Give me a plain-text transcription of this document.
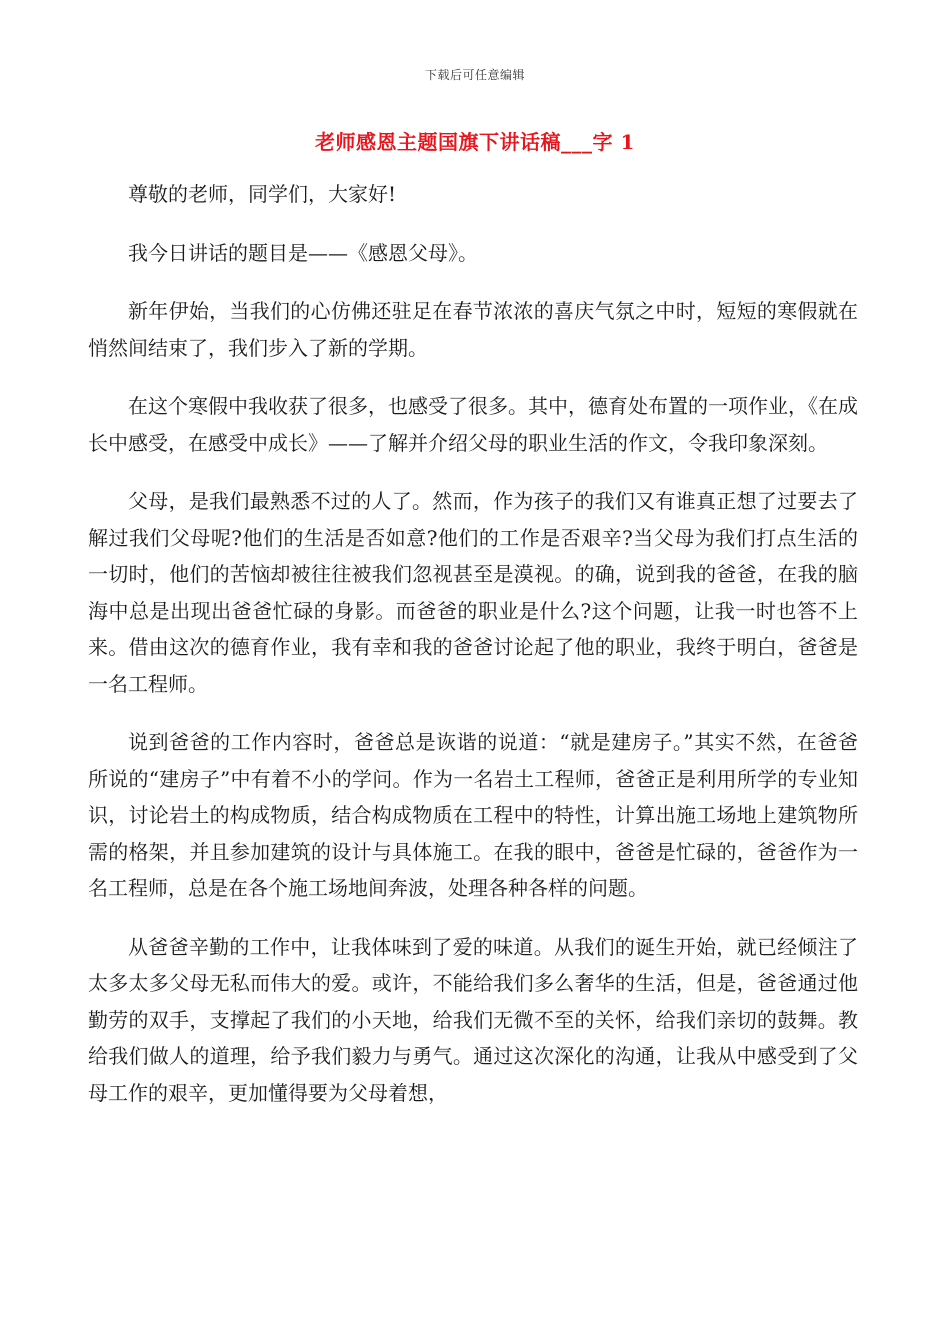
下载后可任意编辑
老师感恩主题国旗下讲话稿___字 1

尊敬的老师，同学们，大家好!

我今日讲话的题目是——《感恩父母》。

新年伊始，当我们的心仿佛还驻足在春节浓浓的喜庆气氛之中时，短短的寒假就在悄然间结束了，我们步入了新的学期。

在这个寒假中我收获了很多，也感受了很多。其中，德育处布置的一项作业，《在成长中感受，在感受中成长》——了解并介绍父母的职业生活的作文，令我印象深刻。

父母，是我们最熟悉不过的人了。然而，作为孩子的我们又有谁真正想了过要去了解过我们父母呢?他们的生活是否如意?他们的工作是否艰辛?当父母为我们打点生活的一切时，他们的苦恼却被往往被我们忽视甚至是漠视。的确，说到我的爸爸，在我的脑海中总是出现出爸爸忙碌的身影。而爸爸的职业是什么?这个问题，让我一时也答不上来。借由这次的德育作业，我有幸和我的爸爸讨论起了他的职业，我终于明白，爸爸是一名工程师。

说到爸爸的工作内容时，爸爸总是诙谐的说道：“就是建房子。”其实不然，在爸爸所说的“建房子”中有着不小的学问。作为一名岩土工程师，爸爸正是利用所学的专业知识，讨论岩土的构成物质，结合构成物质在工程中的特性，计算出施工场地上建筑物所需的格架，并且参加建筑的设计与具体施工。在我的眼中，爸爸是忙碌的，爸爸作为一名工程师，总是在各个施工场地间奔波，处理各种各样的问题。

从爸爸辛勤的工作中，让我体味到了爱的味道。从我们的诞生开始，就已经倾注了太多太多父母无私而伟大的爱。或许，不能给我们多么奢华的生活，但是，爸爸通过他勤劳的双手，支撑起了我们的小天地，给我们无微不至的关怀，给我们亲切的鼓舞。教给我们做人的道理，给予我们毅力与勇气。通过这次深化的沟通，让我从中感受到了父母工作的艰辛，更加懂得要为父母着想，
